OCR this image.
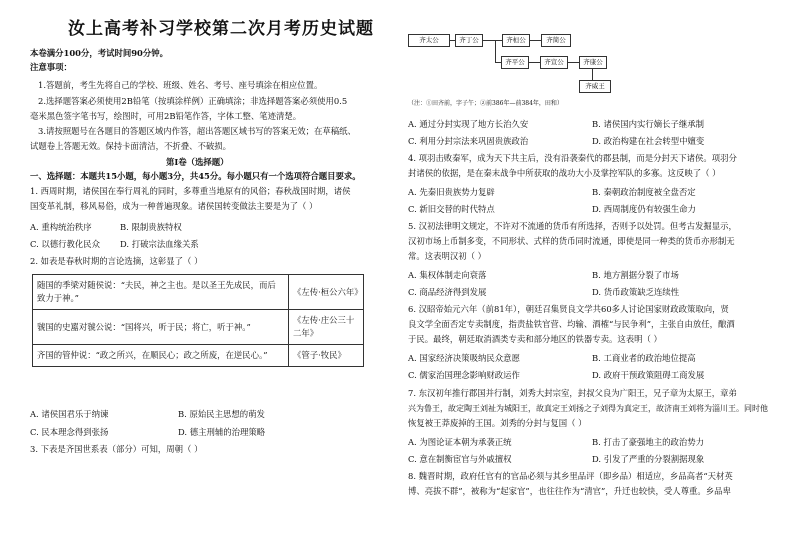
汝上高考补习学校第二次月考历史试题
本卷满分100分，考试时间90分钟。
注意事项：
1.答题前，考生先将自己的学校、班级、姓名、考号、座号填涂在相应位置。
2.选择题答案必须使用2B铅笔（按填涂样例）正确填涂；非选择题答案必须使用0.5
毫米黑色签字笔书写，绘图时，可用2B铅笔作答，字体工整、笔迹清楚。
3.请按照题号在各题目的答题区域内作答，超出答题区域书写的答案无效；在草稿纸、
试题卷上答题无效。保持卡面清洁，不折叠、不破损。
第Ⅰ卷（选择题）
一、选择题：本题共15小题，每小题3分，共45分。每小题只有一个选项符合题目要求。
1. 西周时期，诸侯国在奉行周礼的同时，多尊重当地原有的风俗；春秋战国时期，诸侯
国变革礼制，移风易俗，成为一种普遍现象。诸侯国转变做法主要是为了（ ）
A. 重构统治秩序	B. 限制贵族特权
C. 以德行教化民众 D. 打破宗法血缘关系
2. 如表是春秋时期的言论选摘，这彰显了（ ）
随国的季梁对随侯说：“夫民，神之主也。是以圣王先成民，而后致力于神。”	《左传·桓公六年》
虢国的史嚚对虢公说：“国将兴，听于民；将亡，听于神。”	《左传·庄公三十二年》
齐国的管仲说：“政之所兴，在顺民心；政之所废，在逆民心。”	《管子·牧民》
A. 诸侯国君乐于纳谏	B. 原始民主思想的萌发
C. 民本理念得到张扬	D. 德主刑辅的治理策略
3. 下表是齐国世系表（部分）可知，周朝（ ）
齐太公	齐丁公	齐桓公	齐简公
齐平公	齐宣公	齐康公
齐威王
（注：①田齐前，字子午；②前386年—前384年，田和）
A. 通过分封实现了地方长治久安	B. 诸侯国内实行嫡长子继承制
C. 利用分封宗法来巩固贵族政治	D. 政治构建在社会转型中嬗变
4. 项羽击败秦军，成为天下共主后，没有沿袭秦代的郡县制，而是分封天下诸侯。项羽分
封诸侯的依据，是在秦末战争中所获取的战功大小及掌控军队的多寡。这反映了（ ）
A. 先秦旧贵族势力复辟	B. 秦朝政治制度被全盘否定
C. 新旧交替的时代特点	D. 西周制度仍有较强生命力
5. 汉初法律明文规定，不许对不流通的货币有所选择，否则予以处罚。但考古发掘显示，
汉初市场上币制多变，不同形状、式样的货币同时流通，即使是同一种类的货币亦形制无
常。这表明汉初（ ）
A. 集权体制走向衰落	B. 地方割据分裂了市场
C. 商品经济得到发展	D. 货币政策缺乏连续性
6. 汉昭帝始元六年（前81年），朝廷召集贤良文学共60多人讨论国家财政政策取向，贤
良文学全面否定专卖制度，指责盐铁官营、均输、酒榷“与民争利”，主张自由放任，酿酒
于民。最终，朝廷取消酒类专卖和部分地区的铁器专卖。这表明（ ）
A. 国家经济决策吸纳民众意愿	B. 工商业者的政治地位提高
C. 儒家治国理念影响财政运作	D. 政府干预政策阻碍工商发展
7. 东汉初年推行郡国并行制，刘秀大封宗室，封叔父良为广阳王，兄子章为太原王，章弟
兴为鲁王，故定陶王刘祉为城阳王，故真定王刘扬之子刘得为真定王，故济南王刘将为淄川王。同时他
恢复被王莽废掉的王国。刘秀的分封与复国（ ）
A. 为图论证本朝为承袭正统	B. 打击了豪强地主的政治势力
C. 意在制衡宦官与外戚擅权	D. 引发了严重的分裂割据现象
8. 魏晋时期，政府任官有的官品必须与其乡里品评（即乡品）相适应，乡品高者“天材英
博、亮拔不群”，被称为“起家官”，也往往作为“清官”，升迁也较快，受人尊重。乡品卑
